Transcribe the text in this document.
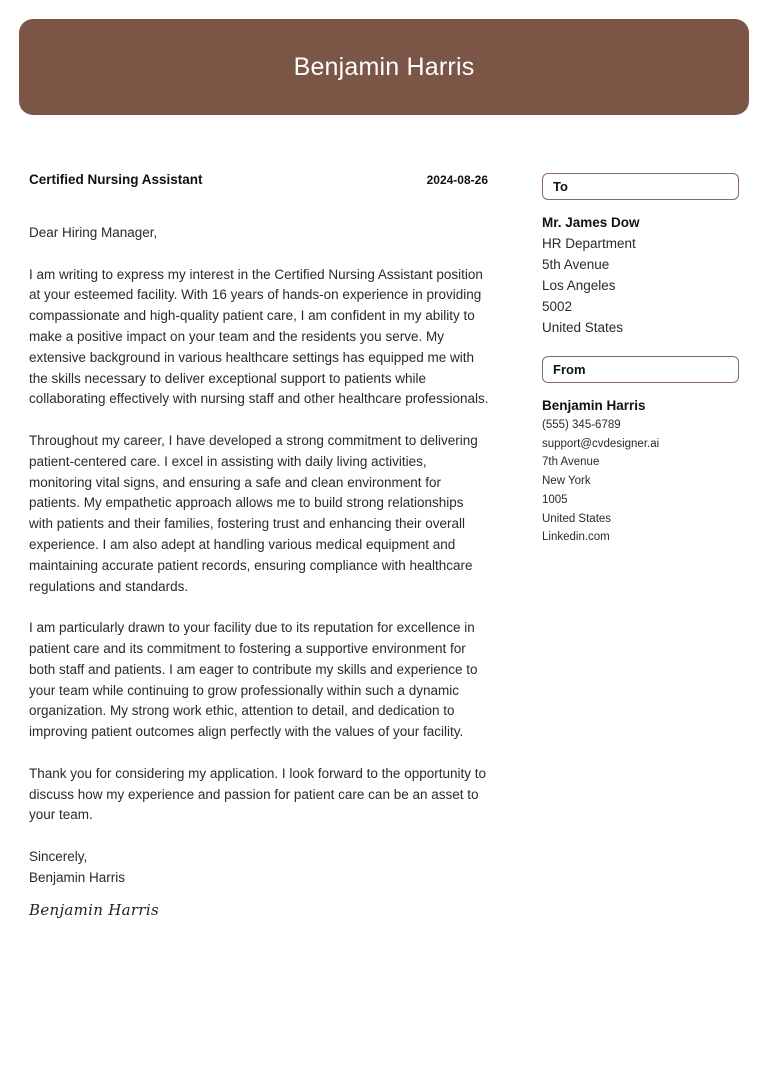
Benjamin Harris
Certified Nursing Assistant	2024-08-26

Dear Hiring Manager,

I am writing to express my interest in the Certified Nursing Assistant position at your esteemed facility. With 16 years of hands-on experience in providing compassionate and high-quality patient care, I am confident in my ability to make a positive impact on your team and the residents you serve. My extensive background in various healthcare settings has equipped me with the skills necessary to deliver exceptional support to patients while collaborating effectively with nursing staff and other healthcare professionals.

Throughout my career, I have developed a strong commitment to delivering patient-centered care. I excel in assisting with daily living activities, monitoring vital signs, and ensuring a safe and clean environment for patients. My empathetic approach allows me to build strong relationships with patients and their families, fostering trust and enhancing their overall experience. I am also adept at handling various medical equipment and maintaining accurate patient records, ensuring compliance with healthcare regulations and standards.

I am particularly drawn to your facility due to its reputation for excellence in patient care and its commitment to fostering a supportive environment for both staff and patients. I am eager to contribute my skills and experience to your team while continuing to grow professionally within such a dynamic organization. My strong work ethic, attention to detail, and dedication to improving patient outcomes align perfectly with the values of your facility.

Thank you for considering my application. I look forward to the opportunity to discuss how my experience and passion for patient care can be an asset to your team.

Sincerely,

Benjamin Harris

Benjamin Harris
To
Mr. James Dow
HR Department
5th Avenue
Los Angeles
5002
United States
From
Benjamin Harris
(555) 345-6789
support@cvdesigner.ai
7th Avenue
New York
1005
United States
Linkedin.com
